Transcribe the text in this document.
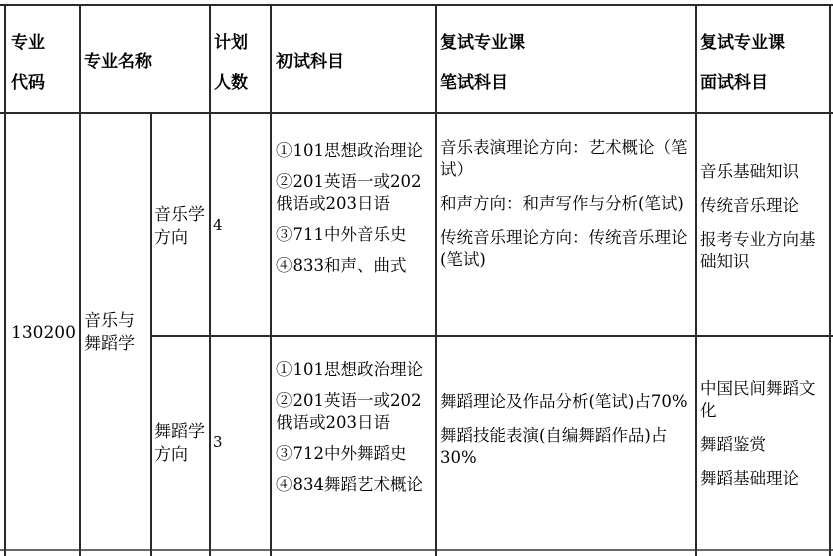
专业
代码
专业名称
计划
人数
初试科目
复试专业课
笔试科目
复试专业课
面试科目
130200
音乐与舞蹈学
音乐学方向
4
①101思想政治理论
②201英语一或202俄语或203日语
③711中外音乐史
④833和声、曲式
音乐表演理论方向：艺术概论（笔试）
和声方向：和声写作与分析(笔试)
传统音乐理论方向：传统音乐理论(笔试)
音乐基础知识
传统音乐理论
报考专业方向基础知识
舞蹈学方向
3
①101思想政治理论
②201英语一或202俄语或203日语
③712中外舞蹈史
④834舞蹈艺术概论
舞蹈理论及作品分析(笔试)占70%
舞蹈技能表演(自编舞蹈作品)占30%
中国民间舞蹈文化
舞蹈鉴赏
舞蹈基础理论
